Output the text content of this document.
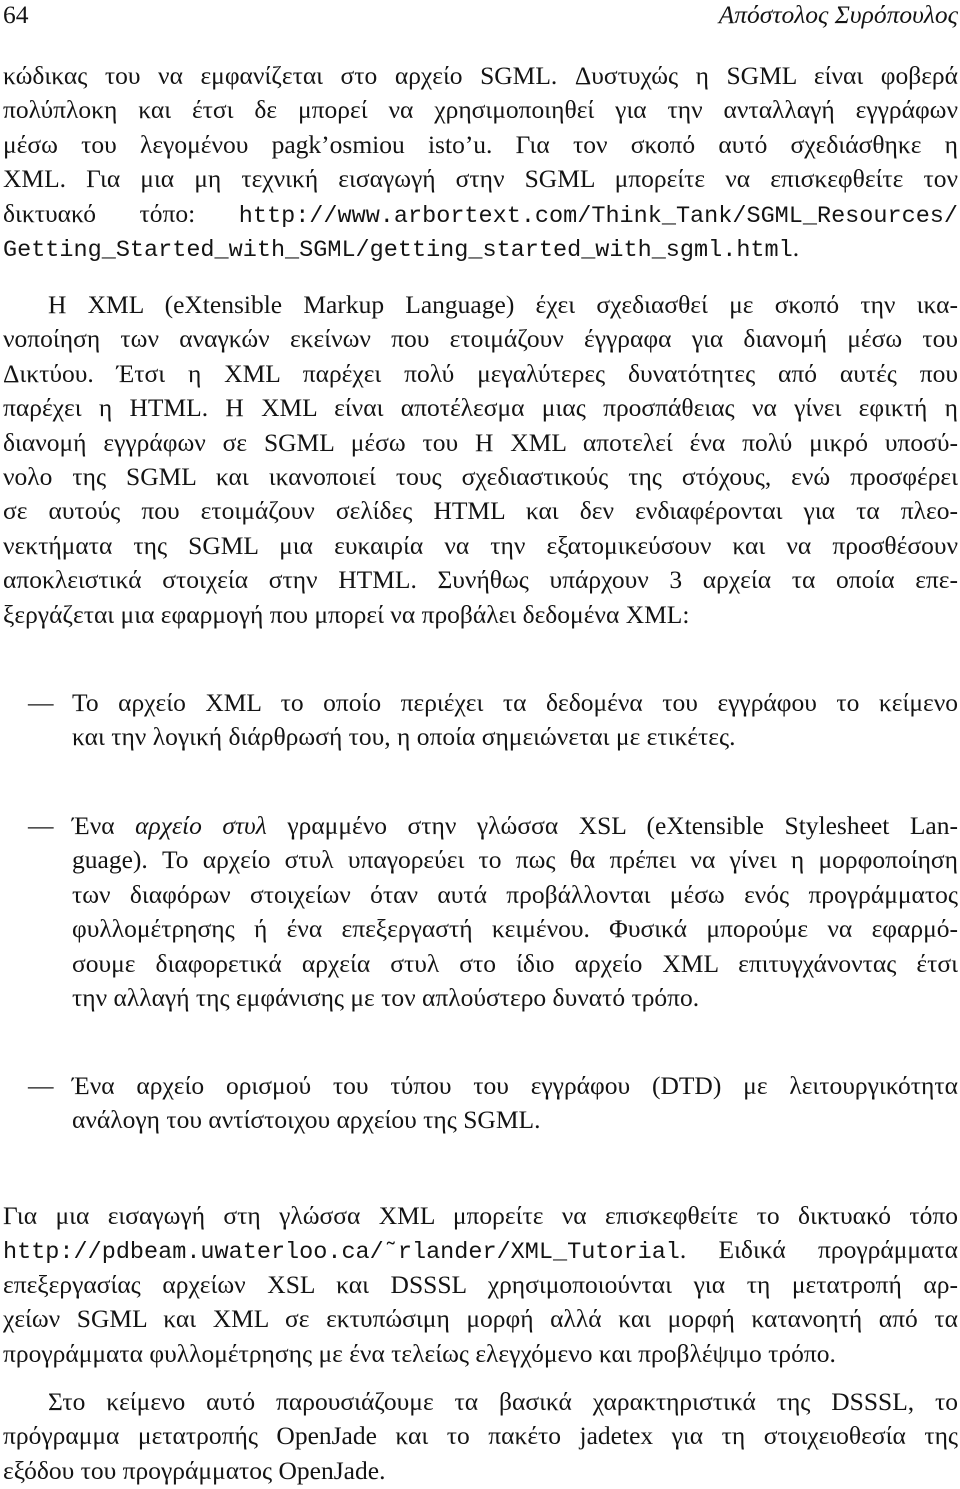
64	Απόστολος Συρόπουλος
κώδικας του να εμφανίζεται στο αρχείο SGML. Δυστυχώς η SGML είναι φοβερά
πολύπλοκη και έτσι δε μπορεί να χρησιμοποιηθεί για την ανταλλαγή εγγράφων
μέσω του λεγομένου pagk’osmiou isto’u. Για τον σκοπό αυτό σχεδιάσθηκε η
XML. Για μια μη τεχνική εισαγωγή στην SGML μπορείτε να επισκεφθείτε τον
δικτυακό τόπο: http://www.arbortext.com/Think_Tank/SGML_Resources/
Getting_Started_with_SGML/getting_started_with_sgml.html.
Η XML (eXtensible Markup Language) έχει σχεδιασθεί με σκοπό την ικα-
νοποίηση των αναγκών εκείνων που ετοιμάζουν έγγραφα για διανομή μέσω του
Δικτύου. Έτσι η XML παρέχει πολύ μεγαλύτερες δυνατότητες από αυτές που
παρέχει η HTML. Η XML είναι αποτέλεσμα μιας προσπάθειας να γίνει εφικτή η
διανομή εγγράφων σε SGML μέσω του Η XML αποτελεί ένα πολύ μικρό υποσύ-
νολο της SGML και ικανοποιεί τους σχεδιαστικούς της στόχους, ενώ προσφέρει
σε αυτούς που ετοιμάζουν σελίδες HTML και δεν ενδιαφέρονται για τα πλεο-
νεκτήματα της SGML μια ευκαιρία να την εξατομικεύσουν και να προσθέσουν
αποκλειστικά στοιχεία στην HTML. Συνήθως υπάρχουν 3 αρχεία τα οποία επε-
ξεργάζεται μια εφαρμογή που μπορεί να προβάλει δεδομένα XML:
— Το αρχείο XML το οποίο περιέχει τα δεδομένα του εγγράφου το κείμενο
και την λογική διάρθρωσή του, η οποία σημειώνεται με ετικέτες.
— Ένα αρχείο στυλ γραμμένο στην γλώσσα XSL (eXtensible Stylesheet Lan-
guage). Το αρχείο στυλ υπαγορεύει το πως θα πρέπει να γίνει η μορφοποίηση
των διαφόρων στοιχείων όταν αυτά προβάλλονται μέσω ενός προγράμματος
φυλλομέτρησης ή ένα επεξεργαστή κειμένου. Φυσικά μπορούμε να εφαρμό-
σουμε διαφορετικά αρχεία στυλ στο ίδιο αρχείο XML επιτυγχάνοντας έτσι
την αλλαγή της εμφάνισης με τον απλούστερο δυνατό τρόπο.
— Ένα αρχείο ορισμού του τύπου του εγγράφου (DTD) με λειτουργικότητα
ανάλογη του αντίστοιχου αρχείου της SGML.
Για μια εισαγωγή στη γλώσσα XML μπορείτε να επισκεφθείτε το δικτυακό τόπο
http://pdbeam.uwaterloo.ca/˜rlander/XML_Tutorial. Ειδικά προγράμματα
επεξεργασίας αρχείων XSL και DSSSL χρησιμοποιούνται για τη μετατροπή αρ-
χείων SGML και XML σε εκτυπώσιμη μορφή αλλά και μορφή κατανοητή από τα
προγράμματα φυλλομέτρησης με ένα τελείως ελεγχόμενο και προβλέψιμο τρόπο.
Στο κείμενο αυτό παρουσιάζουμε τα βασικά χαρακτηριστικά της DSSSL, το
πρόγραμμα μετατροπής OpenJade και το πακέτο jadetex για τη στοιχειοθεσία της
εξόδου του προγράμματος OpenJade.
